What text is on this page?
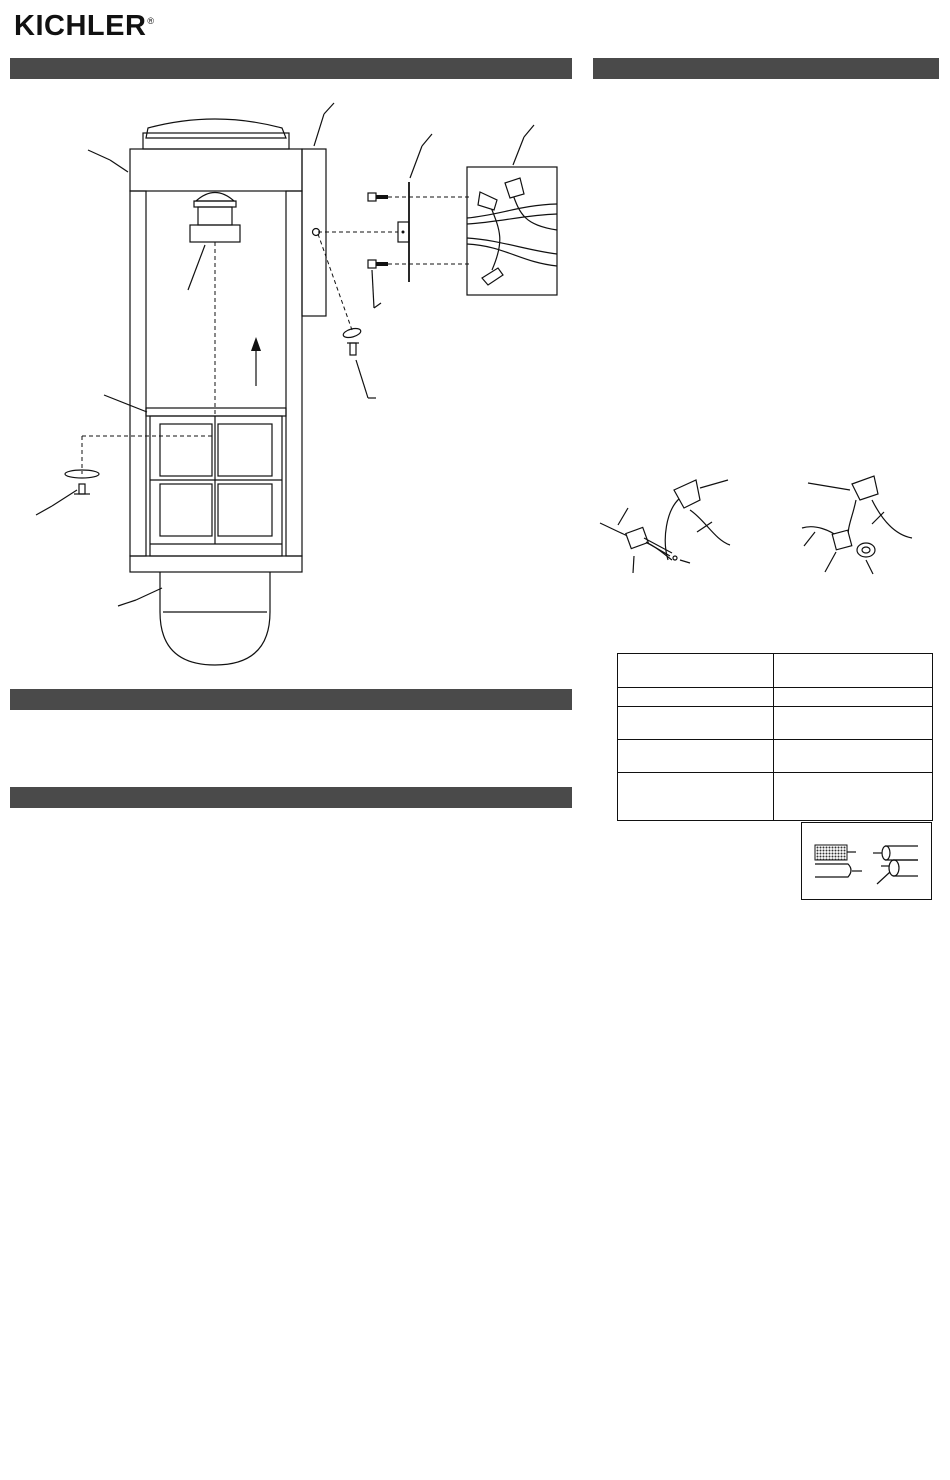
KICHLER®
